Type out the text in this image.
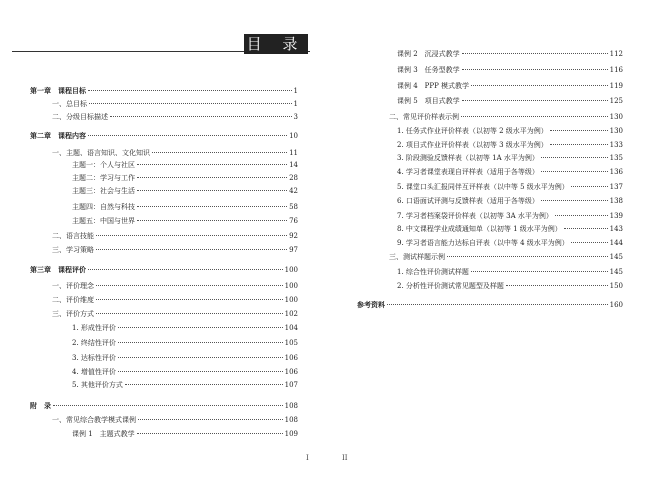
目 录
第一章　课程目标	1
一、总目标	1
二、分级目标描述	3
第二章　课程内容	10
一、主题、语言知识、文化知识	11
主题一：个人与社区	14
主题二：学习与工作	28
主题三：社会与生活	42
主题四：自然与科技	58
主题五：中国与世界	76
二、语言技能	92
三、学习策略	97
第三章　课程评价	100
一、评价理念	100
二、评价维度	100
三、评价方式	102
1. 形成性评价	104
2. 终结性评价	105
3. 达标性评价	106
4. 增值性评价	106
5. 其他评价方式	107
附　录	108
一、常见综合教学模式课例	108
课例 1　主题式教学	109
I
课例 2　沉浸式教学	112
课例 3　任务型教学	116
课例 4　PPP 模式教学	119
课例 5　项目式教学	125
二、常见评价样表示例	130
1. 任务式作业评价样表（以初等 2 级水平为例）	130
2. 项目式作业评价样表（以初等 3 级水平为例）	133
3. 阶段测验反馈样表（以初等 1A 水平为例）	135
4. 学习者课堂表现自评样表（适用于各等级）	136
5. 课堂口头汇报同伴互评样表（以中等 5 级水平为例）	137
6. 口语面试评测与反馈样表（适用于各等级）	138
7. 学习者档案袋评价样表（以初等 3A 水平为例）	139
8. 中文课程学业成绩通知单（以初等 1 级水平为例）	143
9. 学习者语言能力达标自评表（以中等 4 级水平为例）	144
三、测试样题示例	145
1. 综合性评价测试样题	145
2. 分析性评价测试常见题型及样题	150
参考资料	160
II
